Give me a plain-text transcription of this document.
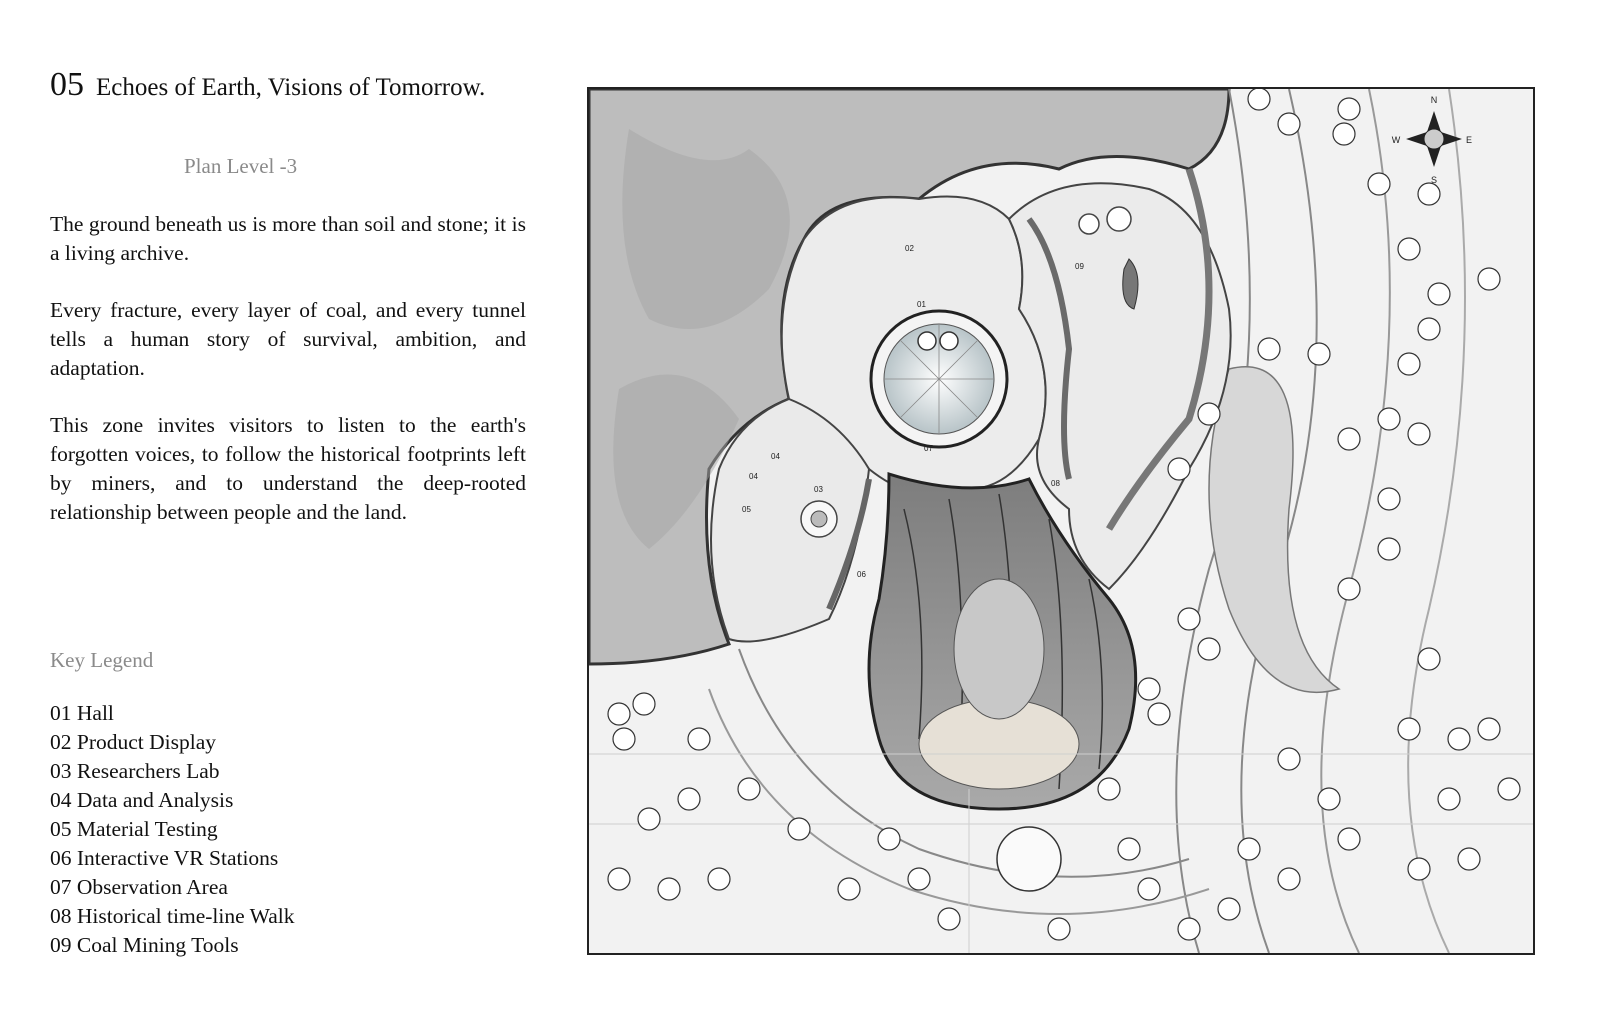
05 Echoes of Earth, Visions of Tomorrow.
Plan Level -3

The ground beneath us is more than soil and stone; it is a living archive.

Every fracture, every layer of coal, and every tunnel tells a human story of survival, ambition, and adaptation.

This zone invites visitors to listen to the earth's forgotten voices, to follow the historical footprints left by miners, and to understand the deep-rooted relationship between people and the land.

Key Legend
01 Hall
02 Product Display
03 Researchers Lab
04 Data and Analysis
05 Material Testing
06 Interactive VR Stations
07 Observation Area
08 Historical time-line Walk
09 Coal Mining Tools
01
02
03
04
04
05
06
07
08
09
N
S
E
W
